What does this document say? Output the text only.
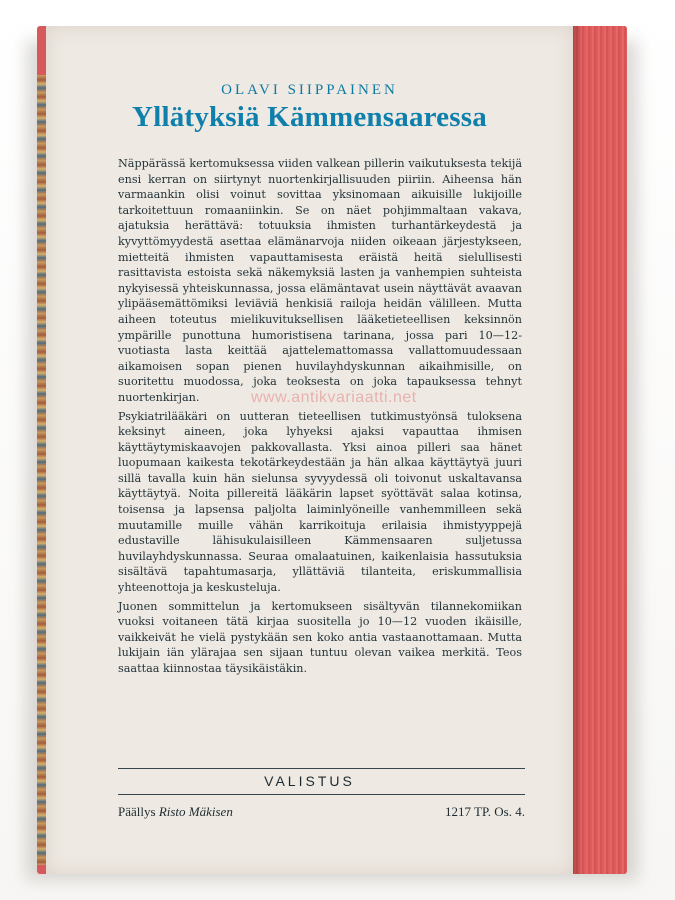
OLAVI SIIPPAINEN
Yllätyksiä Kämmensaaressa

Näppärässä kertomuksessa viiden valkean pillerin vaikutuksesta tekijä ensi kerran on siirtynyt nuortenkirjallisuuden piiriin. Aiheensa hän varmaankin olisi voinut sovittaa yksinomaan aikuisille lukijoille tarkoitettuun romaaniinkin. Se on näet pohjimmaltaan vakava, ajatuksia herättävä: totuuksia ihmisten turhantärkeydestä ja kyvyttömyydestä asettaa elämänarvoja niiden oikeaan järjestykseen, mietteitä ihmisten vapauttamisesta eräistä heitä sielullisesti rasittavista estoista sekä näkemyksiä lasten ja vanhempien suhteista nykyisessä yhteiskunnassa, jossa elämäntavat usein näyttävät avaavan ylipääsemättömiksi leviäviä henkisiä railoja heidän välilleen. Mutta aiheen toteutus mielikuvituksellisen lääketieteellisen keksinnön ympärille punottuna humoristisena tarinana, jossa pari 10—12-vuotiasta lasta keittää ajattelemattomassa vallattomuudessaan aikamoisen sopan pienen huvilayhdyskunnan aikaihmisille, on suoritettu muodossa, joka teoksesta on joka tapauksessa tehnyt nuortenkirjan.

Psykiatrilääkäri on uutteran tieteellisen tutkimustyönsä tuloksena keksinyt aineen, joka lyhyeksi ajaksi vapauttaa ihmisen käyttäytymiskaavojen pakkovallasta. Yksi ainoa pilleri saa hänet luopumaan kaikesta tekotärkeydestään ja hän alkaa käyttäytyä juuri sillä tavalla kuin hän sielunsa syvyydessä oli toivonut uskaltavansa käyttäytyä. Noita pillereitä lääkärin lapset syöttävät salaa kotinsa, toisensa ja lapsensa paljolta laiminlyöneille vanhemmilleen sekä muutamille muille vähän karrikoituja erilaisia ihmistyyppejä edustaville lähisukulaisilleen Kämmensaaren suljetussa huvilayhdyskunnassa. Seuraa omalaatuinen, kaikenlaisia hassutuksia sisältävä tapahtumasarja, yllättäviä tilanteita, eriskummallisia yhteenottoja ja keskusteluja.

Juonen sommittelun ja kertomukseen sisältyvän tilannekomiikan vuoksi voitaneen tätä kirjaa suositella jo 10—12 vuoden ikäisille, vaikkeivät he vielä pystykään sen koko antia vastaanottamaan. Mutta lukijain iän ylärajaa sen sijaan tuntuu olevan vaikea merkitä. Teos saattaa kiinnostaa täysikäistäkin.

www.antikvariaatti.net
VALISTUS
Päällys Risto Mäkisen	1217 TP. Os. 4.
